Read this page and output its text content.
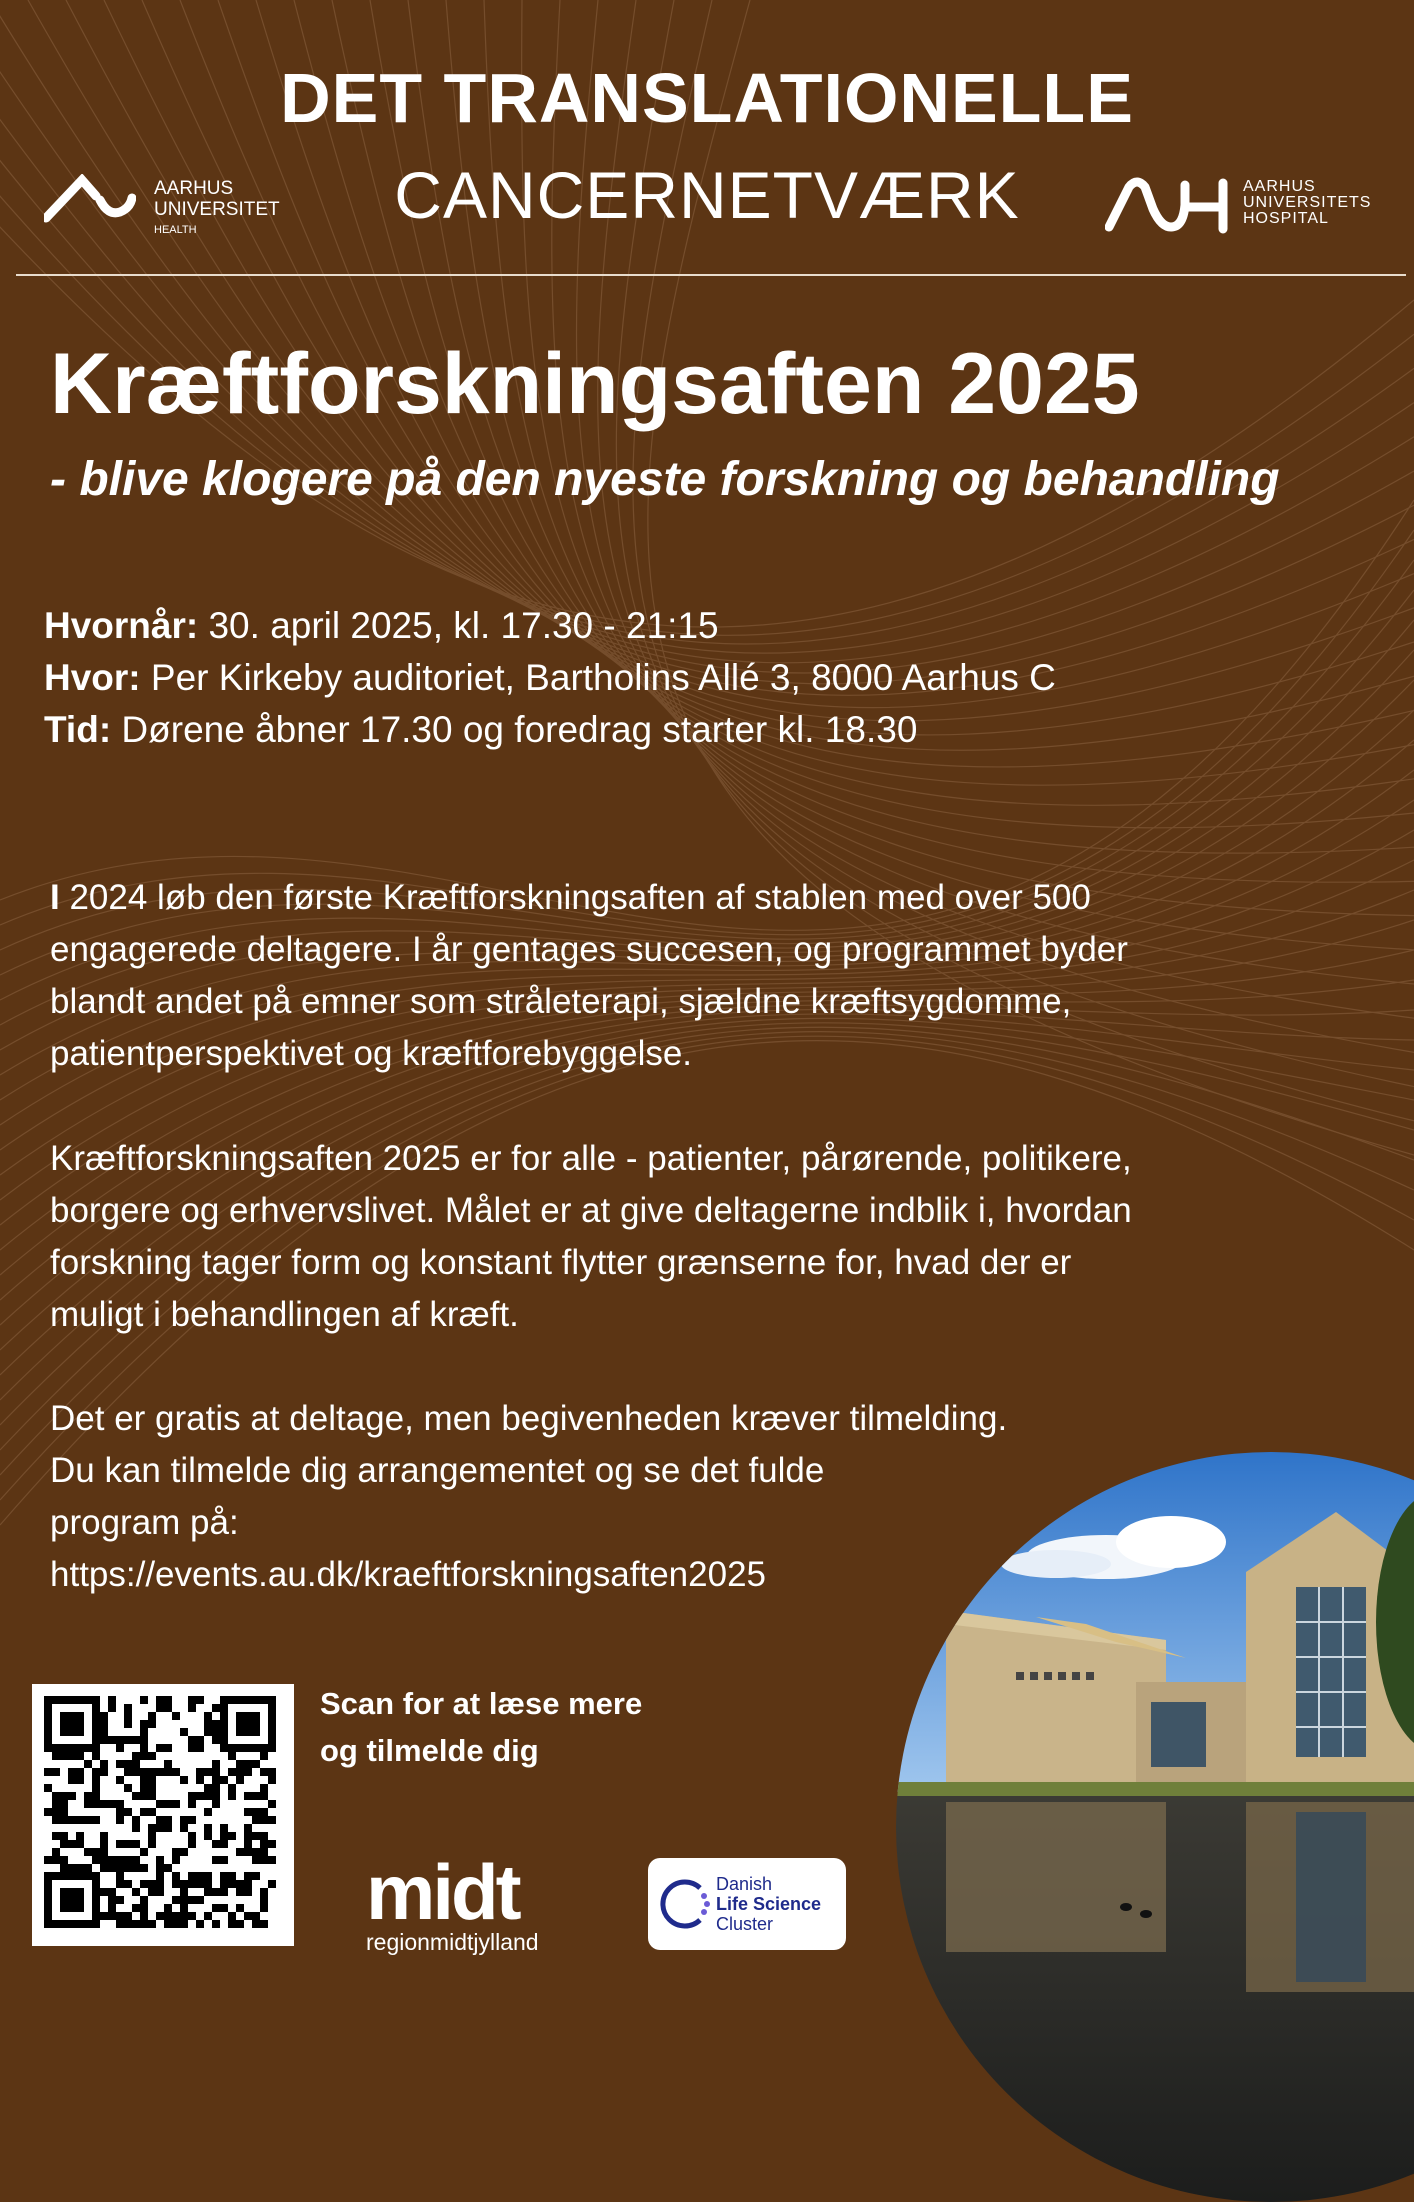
AARHUS
UNIVERSITET
HEALTH
DET TRANSLATIONELLE
CANCERNETVÆRK	AARHUS
UNIVERSITETS
HOSPITAL
Kræftforskningsaften 2025
- blive klogere på den nyeste forskning og behandling
Hvornår: 30. april 2025, kl. 17.30 - 21:15
Hvor: Per Kirkeby auditoriet, Bartholins Allé 3, 8000 Aarhus C
Tid: Dørene åbner 17.30 og foredrag starter kl. 18.30
I 2024 løb den første Kræftforskningsaften af stablen med over 500
engagerede deltagere. I år gentages succesen, og programmet byder
blandt andet på emner som stråleterapi, sjældne kræftsygdomme,
patientperspektivet og kræftforebyggelse.
Kræftforskningsaften 2025 er for alle - patienter, pårørende, politikere,
borgere og erhvervslivet. Målet er at give deltagerne indblik i, hvordan
forskning tager form og konstant flytter grænserne for, hvad der er
muligt i behandlingen af kræft.
Det er gratis at deltage, men begivenheden kræver tilmelding.
Du kan tilmelde dig arrangementet og se det fulde
program på:
https://events.au.dk/kraeftforskningsaften2025
Scan for at læse mere
og tilmelde dig
midt
regionmidtjylland
Danish
Life Science
Cluster
